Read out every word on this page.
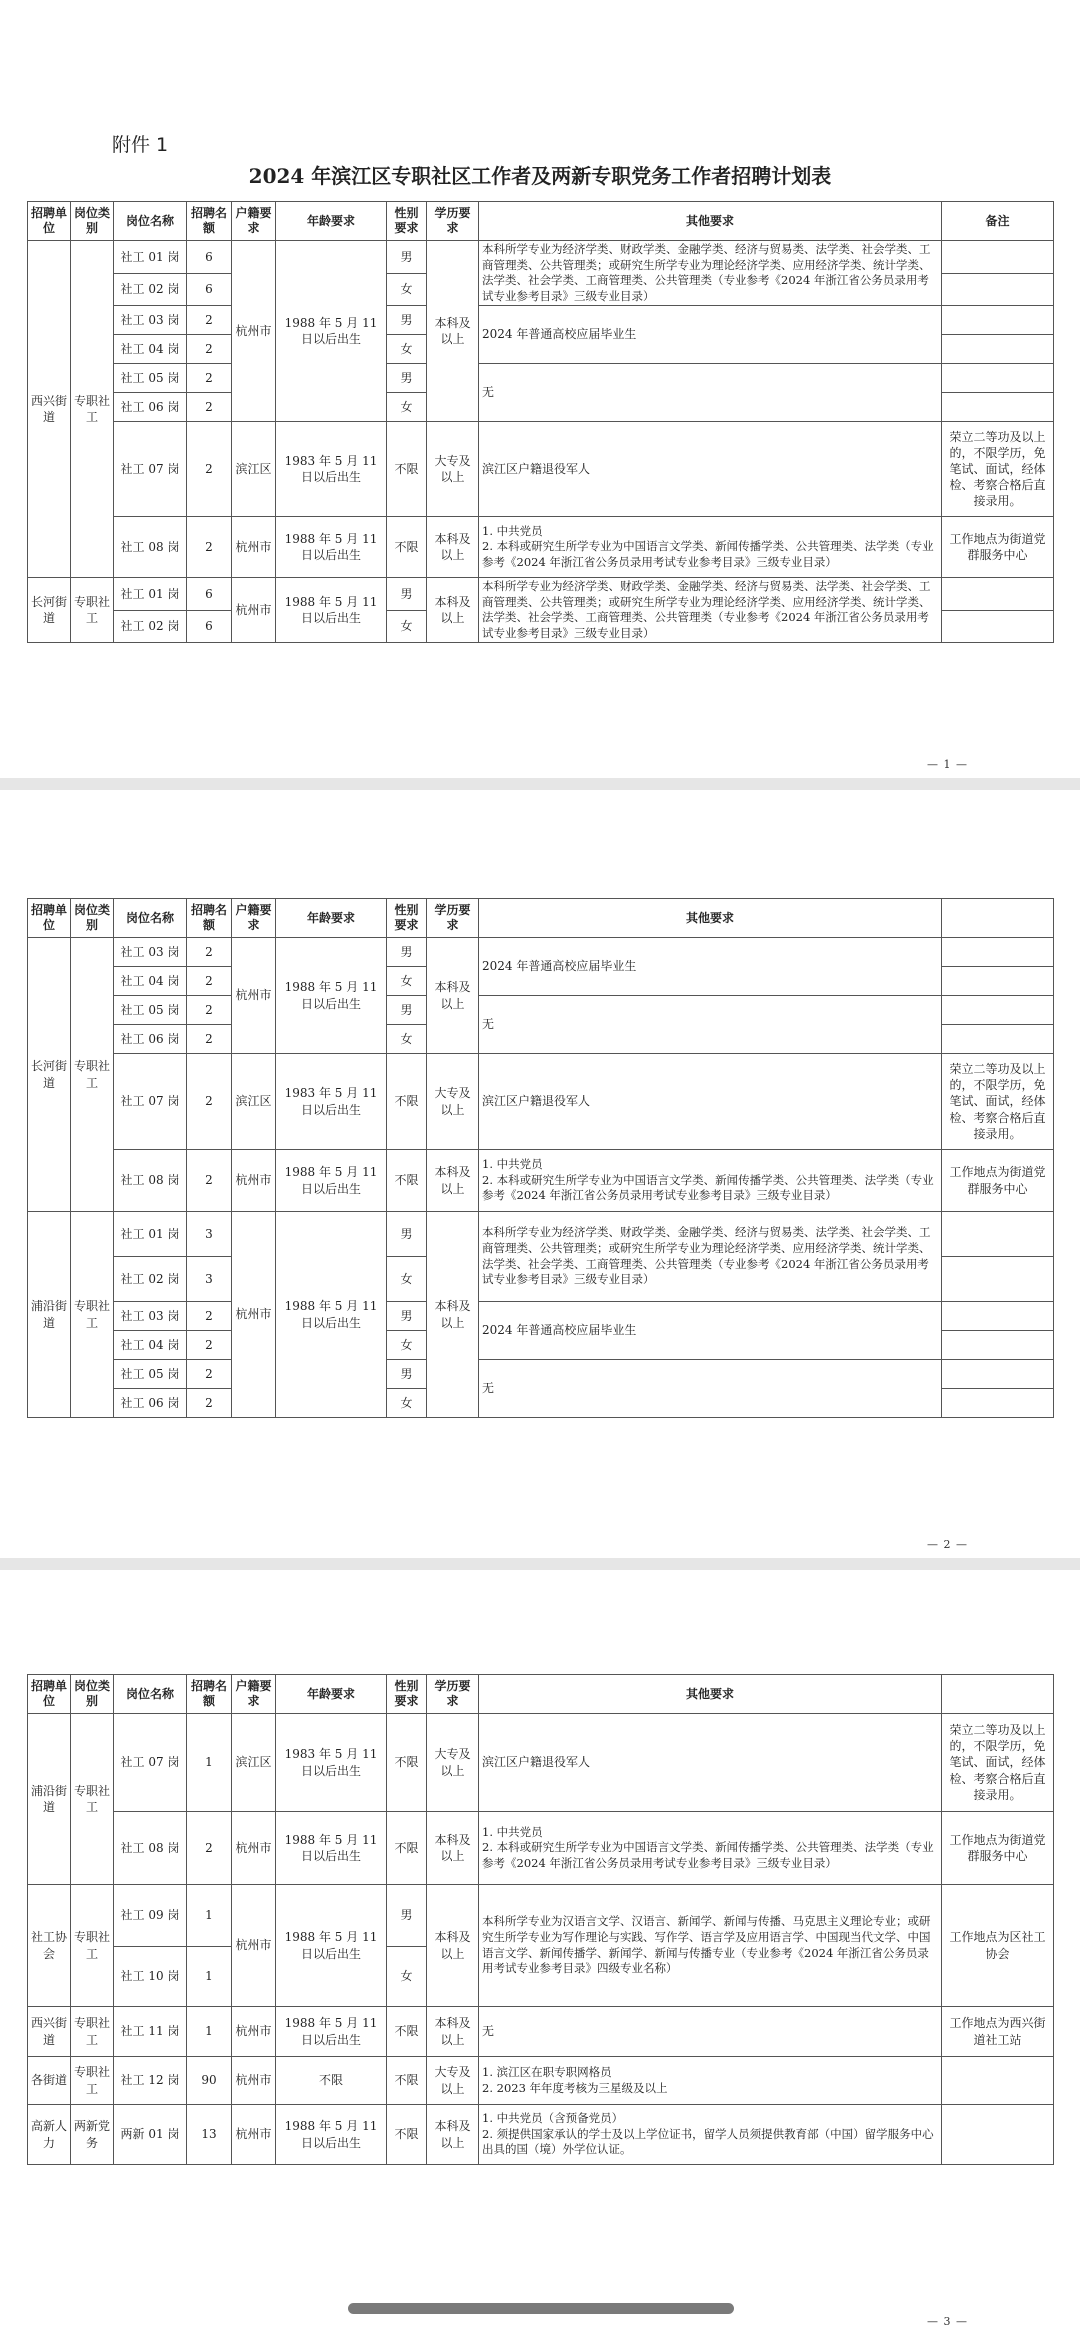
附件 1
2024 年滨江区专职社区工作者及两新专职党务工作者招聘计划表
招聘单位	岗位类别	岗位名称	招聘名额	户籍要求	年龄要求	性别要求	学历要求	其他要求	备注
西兴街道	专职社工	社工 01 岗	6	杭州市	1988 年 5 月 11 日以后出生	男	本科及以上	本科所学专业为经济学类、财政学类、金融学类、经济与贸易类、法学类、社会学类、工商管理类、公共管理类；或研究生所学专业为理论经济学类、应用经济学类、统计学类、法学类、社会学类、工商管理类、公共管理类（专业参考《2024 年浙江省公务员录用考试专业参考目录》三级专业目录）	
		社工 02 岗	6			女			
		社工 03 岗	2			男		2024 年普通高校应届毕业生	
		社工 04 岗	2			女			
		社工 05 岗	2			男		无	
		社工 06 岗	2			女			
		社工 07 岗	2	滨江区	1983 年 5 月 11 日以后出生	不限	大专及以上	滨江区户籍退役军人	荣立二等功及以上的，不限学历，免笔试、面试，经体检、考察合格后直接录用。
		社工 08 岗	2	杭州市	1988 年 5 月 11 日以后出生	不限	本科及以上	1. 中共党员
2. 本科或研究生所学专业为中国语言文学类、新闻传播学类、公共管理类、法学类（专业参考《2024 年浙江省公务员录用考试专业参考目录》三级专业目录）	工作地点为街道党群服务中心
长河街道	专职社工	社工 01 岗	6	杭州市	1988 年 5 月 11 日以后出生	男	本科及以上	本科所学专业为经济学类、财政学类、金融学类、经济与贸易类、法学类、社会学类、工商管理类、公共管理类；或研究生所学专业为理论经济学类、应用经济学类、统计学类、法学类、社会学类、工商管理类、公共管理类（专业参考《2024 年浙江省公务员录用考试专业参考目录》三级专业目录）	
		社工 02 岗	6			女			
— 1 —
招聘单位	岗位类别	岗位名称	招聘名额	户籍要求	年龄要求	性别要求	学历要求	其他要求	
长河街道	专职社工	社工 03 岗	2	杭州市	1988 年 5 月 11 日以后出生	男	本科及以上	2024 年普通高校应届毕业生	
		社工 04 岗	2			女			
		社工 05 岗	2			男		无	
		社工 06 岗	2			女			
		社工 07 岗	2	滨江区	1983 年 5 月 11 日以后出生	不限	大专及以上	滨江区户籍退役军人	荣立二等功及以上的，不限学历，免笔试、面试，经体检、考察合格后直接录用。
		社工 08 岗	2	杭州市	1988 年 5 月 11 日以后出生	不限	本科及以上	1. 中共党员
2. 本科或研究生所学专业为中国语言文学类、新闻传播学类、公共管理类、法学类（专业参考《2024 年浙江省公务员录用考试专业参考目录》三级专业目录）	工作地点为街道党群服务中心
浦沿街道	专职社工	社工 01 岗	3	杭州市	1988 年 5 月 11 日以后出生	男	本科及以上	本科所学专业为经济学类、财政学类、金融学类、经济与贸易类、法学类、社会学类、工商管理类、公共管理类；或研究生所学专业为理论经济学类、应用经济学类、统计学类、法学类、社会学类、工商管理类、公共管理类（专业参考《2024 年浙江省公务员录用考试专业参考目录》三级专业目录）	
		社工 02 岗	3			女			
		社工 03 岗	2			男		2024 年普通高校应届毕业生	
		社工 04 岗	2			女			
		社工 05 岗	2			男		无	
		社工 06 岗	2			女			
— 2 —
招聘单位	岗位类别	岗位名称	招聘名额	户籍要求	年龄要求	性别要求	学历要求	其他要求	
浦沿街道	专职社工	社工 07 岗	1	滨江区	1983 年 5 月 11 日以后出生	不限	大专及以上	滨江区户籍退役军人	荣立二等功及以上的，不限学历，免笔试、面试，经体检、考察合格后直接录用。
		社工 08 岗	2	杭州市	1988 年 5 月 11 日以后出生	不限	本科及以上	1. 中共党员
2. 本科或研究生所学专业为中国语言文学类、新闻传播学类、公共管理类、法学类（专业参考《2024 年浙江省公务员录用考试专业参考目录》三级专业目录）	工作地点为街道党群服务中心
社工协会	专职社工	社工 09 岗	1	杭州市	1988 年 5 月 11 日以后出生	男	本科及以上	本科所学专业为汉语言文学、汉语言、新闻学、新闻与传播、马克思主义理论专业；或研究生所学专业为写作理论与实践、写作学、语言学及应用语言学、中国现当代文学、中国语言文学、新闻传播学、新闻学、新闻与传播专业（专业参考《2024 年浙江省公务员录用考试专业参考目录》四级专业名称）	工作地点为区社工协会
		社工 10 岗	1			女			
西兴街道	专职社工	社工 11 岗	1	杭州市	1988 年 5 月 11 日以后出生	不限	本科及以上	无	工作地点为西兴街道社工站
各街道	专职社工	社工 12 岗	90	杭州市	不限	不限	大专及以上	1. 滨江区在职专职网格员
2. 2023 年年度考核为三星级及以上	
高新人力	两新党务	两新 01 岗	13	杭州市	1988 年 5 月 11 日以后出生	不限	本科及以上	1. 中共党员（含预备党员）
2. 须提供国家承认的学士及以上学位证书，留学人员须提供教育部（中国）留学服务中心出具的国（境）外学位认证。	
— 3 —
